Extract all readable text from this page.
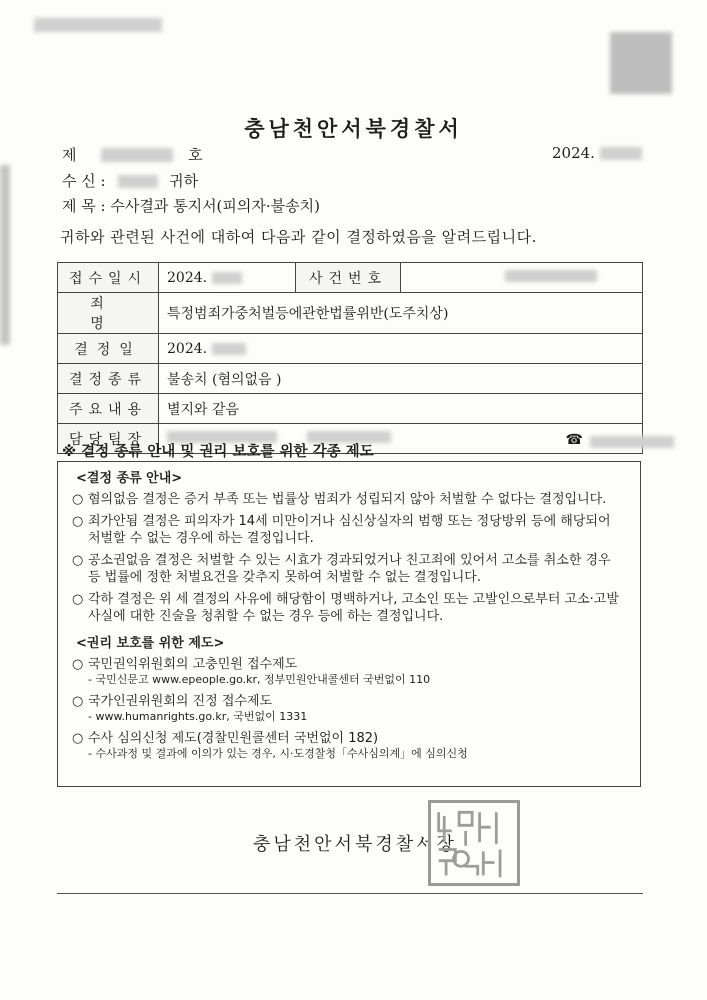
충남천안서북경찰서
제	호	2024.
수 신 :	귀하
제 목 : 수사결과 통지서(피의자·불송치)
귀하와 관련된 사건에 대하여 다음과 같이 결정하였음을 알려드립니다.
접수일시	2024.	사건번호	
죄 명	특정범죄가중처벌등에관한법률위반(도주치상)		
결정일	2024.		
결정종류	불송치 (혐의없음 )		
주요내용	별지와 같음		
담당팀장	☎		
※ 결정 종류 안내 및 권리 보호를 위한 각종 제도
<결정 종류 안내>
○ 혐의없음 결정은 증거 부족 또는 법률상 범죄가 성립되지 않아 처벌할 수 없다는 결정입니다.
○ 죄가안됨 결정은 피의자가 14세 미만이거나 심신상실자의 범행 또는 정당방위 등에 해당되어 처벌할 수 없는 경우에 하는 결정입니다.
○ 공소권없음 결정은 처벌할 수 있는 시효가 경과되었거나 친고죄에 있어서 고소를 취소한 경우 등 법률에 정한 처벌요건을 갖추지 못하여 처벌할 수 없는 결정입니다.
○ 각하 결정은 위 세 결정의 사유에 해당함이 명백하거나, 고소인 또는 고발인으로부터 고소·고발 사실에 대한 진술을 청취할 수 없는 경우 등에 하는 결정입니다.
<권리 보호를 위한 제도>
○ 국민권익위원회의 고충민원 접수제도
- 국민신문고 www.epeople.go.kr, 정부민원안내콜센터 국번없이 110
○ 국가인권위원회의 진정 접수제도
- www.humanrights.go.kr, 국번없이 1331
○ 수사 심의신청 제도(경찰민원콜센터 국번없이 182)
- 수사과정 및 결과에 이의가 있는 경우, 시·도경찰청「수사심의계」에 심의신청
충남천안서북경찰서장
